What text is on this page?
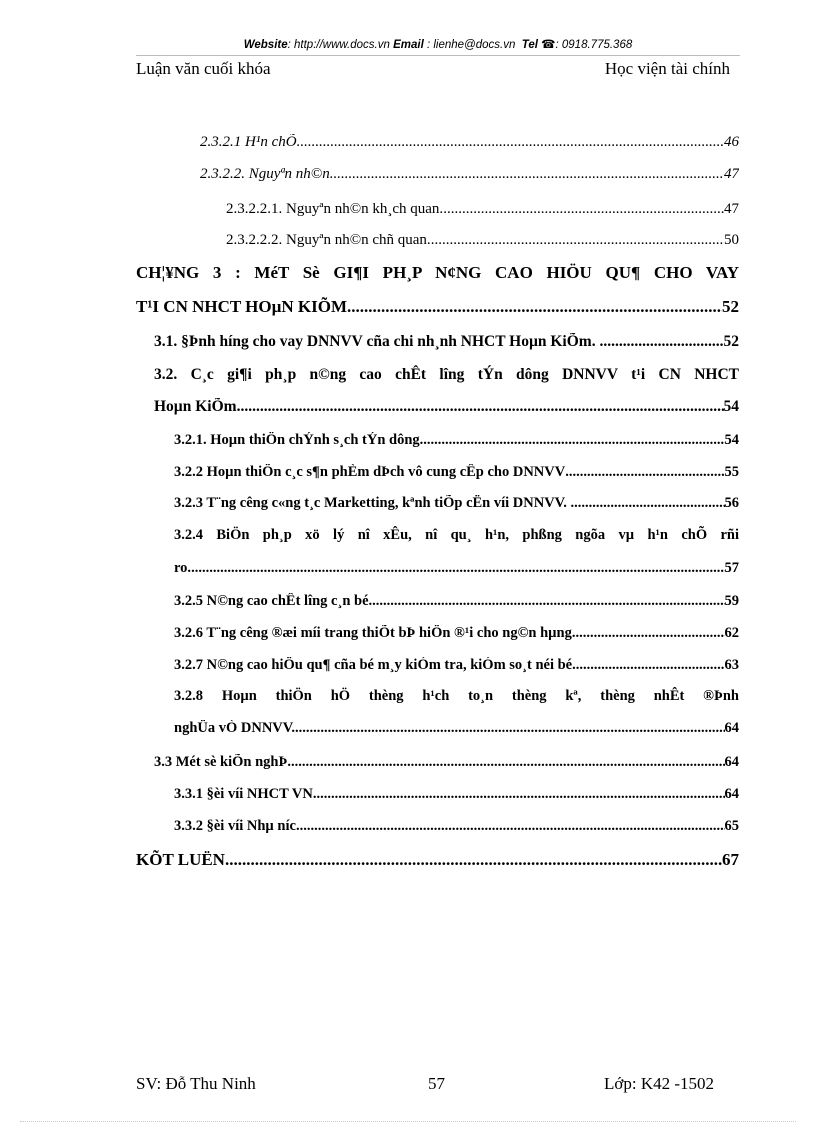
Website: http://www.docs.vn Email : lienhe@docs.vn Tel ☎: 0918.775.368
Luận văn cuối khóa	Học viện tài chính
2.3.2.1 H¹n chÕ. .....	46
2.3.2.2. Nguyªn nh©n .....	47
2.3.2.2.1. Nguyªn nh©n kh¸ch quan. .....	47
2.3.2.2.2. Nguyªn nh©n chñ quan. .....	50
CH¦¥NG 3 : MéT Sè GI¶I PH¸P N¢NG CAO HIÖU QU¶ CHO VAY
T¹I CN NHCT HOµN KIÕM .....	52
3.1. §Þnh híng cho vay DNNVV cña chi nh¸nh NHCT Hoµn KiÕm. . .....	52
3.2. C¸c gi¶i ph¸p n©ng cao chÊt lîng tÝn dông DNNVV t¹i CN NHCT
Hoµn KiÕm. .....	54
3.2.1. Hoµn thiÖn chÝnh s¸ch tÝn dông. .....	54
3.2.2 Hoµn thiÖn c¸c s¶n phÈm dÞch vô cung cÊp cho DNNVV .....	55
3.2.3 T¨ng cêng c«ng t¸c Marketting, kªnh tiÕp cËn víi DNNVV. . .....	56
3.2.4 BiÖn ph¸p xö lý nî xÊu, nî qu¸ h¹n, phßng ngõa vµ h¹n chÕ rñi
ro. .....	57
3.2.5 N©ng cao chÊt lîng c¸n bé. .....	59
3.2.6 T¨ng cêng ®æi míi trang thiÕt bÞ hiÖn ®¹i cho ng©n hµng.. .....	62
3.2.7 N©ng cao hiÖu qu¶ cña bé m¸y kiÓm tra, kiÓm so¸t néi bé... .....	63
3.2.8 Hoµn thiÖn hÖ thèng h¹ch to¸n thèng kª, thèng nhÊt ®Þnh
nghÜa vÒ DNNVV. .....	64
3.3 Mét sè kiÕn nghÞ. .....	64
3.3.1 §èi víi NHCT VN. .....	64
3.3.2 §èi víi Nhµ níc. .....	65
KÕT LUËN .....	67
SV: Đỗ Thu Ninh	57	Lớp: K42 -1502
